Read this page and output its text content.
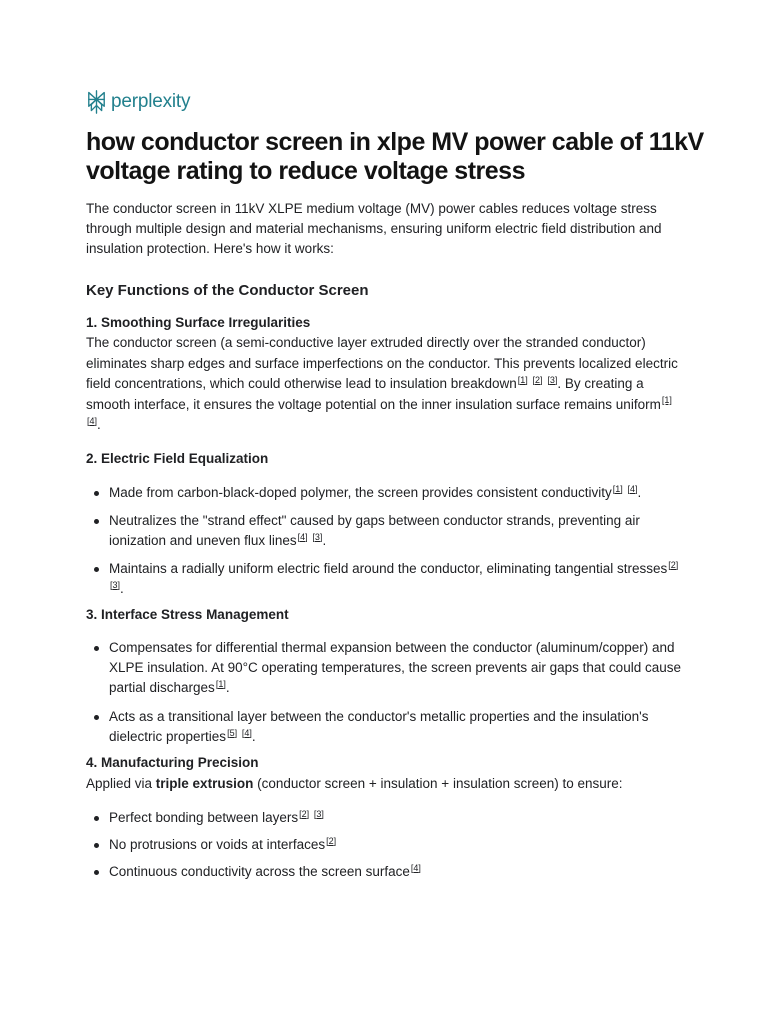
perplexity
how conductor screen in xlpe MV power cable of 11kV voltage rating to reduce voltage stress

The conductor screen in 11kV XLPE medium voltage (MV) power cables reduces voltage stress through multiple design and material mechanisms, ensuring uniform electric field distribution and insulation protection. Here's how it works:

Key Functions of the Conductor Screen

1. Smoothing Surface Irregularities

The conductor screen (a semi-conductive layer extruded directly over the stranded conductor) eliminates sharp edges and surface imperfections on the conductor. This prevents localized electric field concentrations, which could otherwise lead to insulation breakdown[1] [2] [3]. By creating a smooth interface, it ensures the voltage potential on the inner insulation surface remains uniform[1] [4].

2. Electric Field Equalization

Made from carbon-black-doped polymer, the screen provides consistent conductivity[1] [4].
Neutralizes the "strand effect" caused by gaps between conductor strands, preventing air ionization and uneven flux lines[4] [3].
Maintains a radially uniform electric field around the conductor, eliminating tangential stresses[2] [3].

3. Interface Stress Management

Compensates for differential thermal expansion between the conductor (aluminum/copper) and XLPE insulation. At 90°C operating temperatures, the screen prevents air gaps that could cause partial discharges[1].
Acts as a transitional layer between the conductor's metallic properties and the insulation's dielectric properties[5] [4].

4. Manufacturing Precision

Applied via triple extrusion (conductor screen + insulation + insulation screen) to ensure:

Perfect bonding between layers[2] [3]
No protrusions or voids at interfaces[2]
Continuous conductivity across the screen surface[4]
